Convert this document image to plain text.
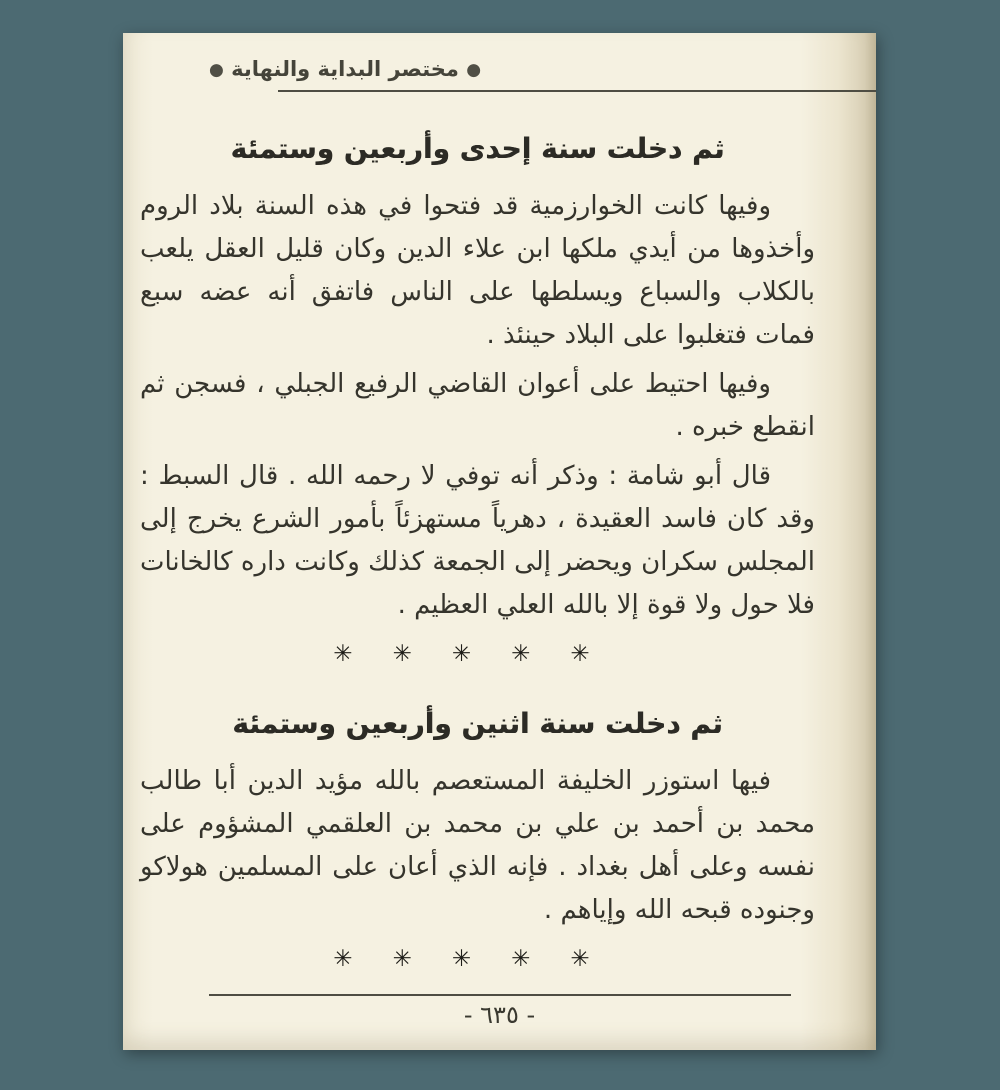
● مختصر البداية والنهاية ●
ثم دخلت سنة إحدى وأربعين وستمئة

وفيها كانت الخوارزمية قد فتحوا في هذه السنة بلاد الروم وأخذوها من أيدي ملكها ابن علاء الدين وكان قليل العقل يلعب بالكلاب والسباع ويسلطها على الناس فاتفق أنه عضه سبع فمات فتغلبوا على البلاد حينئذ .

وفيها احتيط على أعوان القاضي الرفيع الجبلي ، فسجن ثم انقطع خبره .

قال أبو شامة : وذكر أنه توفي لا رحمه الله . قال السبط : وقد كان فاسد العقيدة ، دهرياً مستهزئاً بأمور الشرع يخرج إلى المجلس سكران ويحضر إلى الجمعة كذلك وكانت داره كالخانات فلا حول ولا قوة إلا بالله العلي العظيم .

✳ ✳ ✳ ✳ ✳
ثم دخلت سنة اثنين وأربعين وستمئة

فيها استوزر الخليفة المستعصم بالله مؤيد الدين أبا طالب محمد بن أحمد بن علي بن محمد بن العلقمي المشؤوم على نفسه وعلى أهل بغداد . فإنه الذي أعان على المسلمين هولاكو وجنوده قبحه الله وإياهم .

✳ ✳ ✳ ✳ ✳
- ٦٣٥ -
